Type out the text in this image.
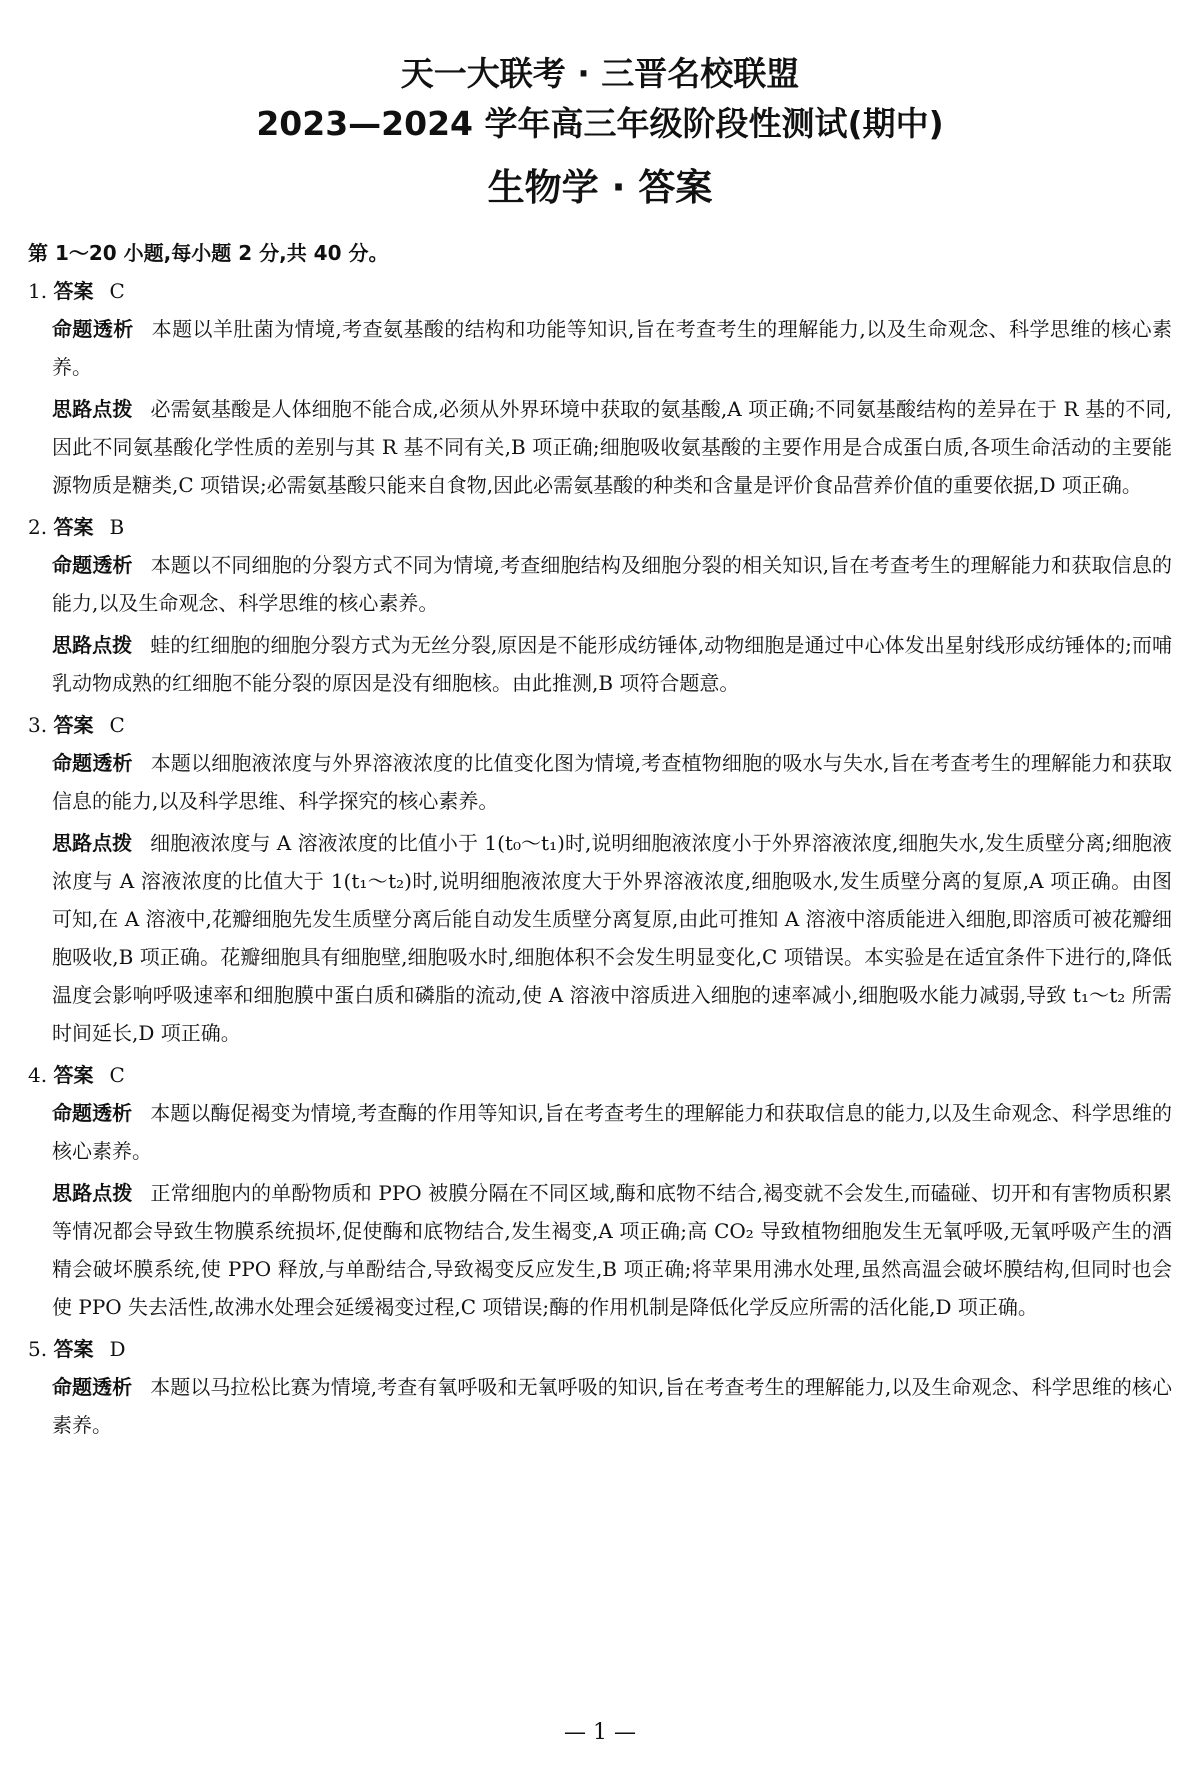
天一大联考 · 三晋名校联盟
2023—2024 学年高三年级阶段性测试(期中)
生物学 · 答案

第 1～20 小题,每小题 2 分,共 40 分。

1. 答案 C

命题透析 本题以羊肚菌为情境,考查氨基酸的结构和功能等知识,旨在考查考生的理解能力,以及生命观念、科学思维的核心素养。

思路点拨 必需氨基酸是人体细胞不能合成,必须从外界环境中获取的氨基酸,A 项正确;不同氨基酸结构的差异在于 R 基的不同,因此不同氨基酸化学性质的差别与其 R 基不同有关,B 项正确;细胞吸收氨基酸的主要作用是合成蛋白质,各项生命活动的主要能源物质是糖类,C 项错误;必需氨基酸只能来自食物,因此必需氨基酸的种类和含量是评价食品营养价值的重要依据,D 项正确。

2. 答案 B

命题透析 本题以不同细胞的分裂方式不同为情境,考查细胞结构及细胞分裂的相关知识,旨在考查考生的理解能力和获取信息的能力,以及生命观念、科学思维的核心素养。

思路点拨 蛙的红细胞的细胞分裂方式为无丝分裂,原因是不能形成纺锤体,动物细胞是通过中心体发出星射线形成纺锤体的;而哺乳动物成熟的红细胞不能分裂的原因是没有细胞核。由此推测,B 项符合题意。

3. 答案 C

命题透析 本题以细胞液浓度与外界溶液浓度的比值变化图为情境,考查植物细胞的吸水与失水,旨在考查考生的理解能力和获取信息的能力,以及科学思维、科学探究的核心素养。

思路点拨 细胞液浓度与 A 溶液浓度的比值小于 1(t₀～t₁)时,说明细胞液浓度小于外界溶液浓度,细胞失水,发生质壁分离;细胞液浓度与 A 溶液浓度的比值大于 1(t₁～t₂)时,说明细胞液浓度大于外界溶液浓度,细胞吸水,发生质壁分离的复原,A 项正确。由图可知,在 A 溶液中,花瓣细胞先发生质壁分离后能自动发生质壁分离复原,由此可推知 A 溶液中溶质能进入细胞,即溶质可被花瓣细胞吸收,B 项正确。花瓣细胞具有细胞壁,细胞吸水时,细胞体积不会发生明显变化,C 项错误。本实验是在适宜条件下进行的,降低温度会影响呼吸速率和细胞膜中蛋白质和磷脂的流动,使 A 溶液中溶质进入细胞的速率减小,细胞吸水能力减弱,导致 t₁～t₂ 所需时间延长,D 项正确。

4. 答案 C

命题透析 本题以酶促褐变为情境,考查酶的作用等知识,旨在考查考生的理解能力和获取信息的能力,以及生命观念、科学思维的核心素养。

思路点拨 正常细胞内的单酚物质和 PPO 被膜分隔在不同区域,酶和底物不结合,褐变就不会发生,而磕碰、切开和有害物质积累等情况都会导致生物膜系统损坏,促使酶和底物结合,发生褐变,A 项正确;高 CO₂ 导致植物细胞发生无氧呼吸,无氧呼吸产生的酒精会破坏膜系统,使 PPO 释放,与单酚结合,导致褐变反应发生,B 项正确;将苹果用沸水处理,虽然高温会破坏膜结构,但同时也会使 PPO 失去活性,故沸水处理会延缓褐变过程,C 项错误;酶的作用机制是降低化学反应所需的活化能,D 项正确。

5. 答案 D

命题透析 本题以马拉松比赛为情境,考查有氧呼吸和无氧呼吸的知识,旨在考查考生的理解能力,以及生命观念、科学思维的核心素养。

— 1 —
